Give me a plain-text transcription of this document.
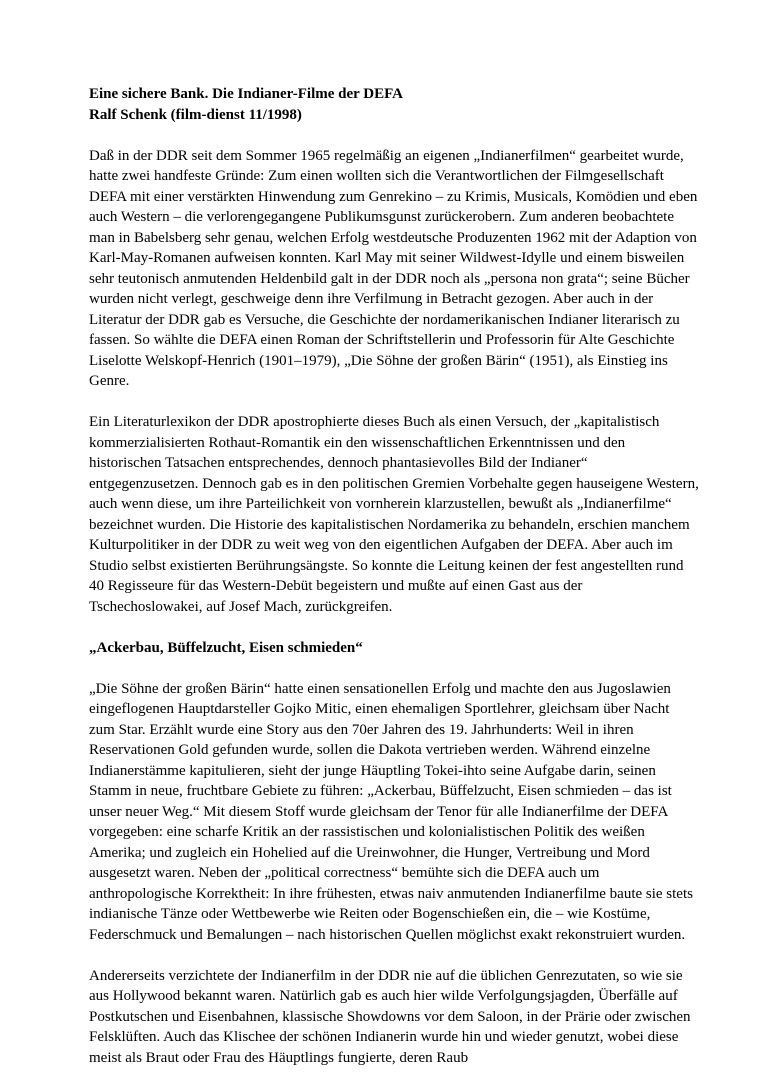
Eine sichere Bank. Die Indianer-Filme der DEFA
Ralf Schenk (film-dienst 11/1998)

Daß in der DDR seit dem Sommer 1965 regelmäßig an eigenen „Indianerfilmen“ gearbeitet wurde, hatte zwei handfeste Gründe: Zum einen wollten sich die Verantwortlichen der Filmgesellschaft DEFA mit einer verstärkten Hinwendung zum Genrekino – zu Krimis, Musicals, Komödien und eben auch Western – die verlorengegangene Publikumsgunst zurückerobern. Zum anderen beobachtete man in Babelsberg sehr genau, welchen Erfolg westdeutsche Produzenten 1962 mit der Adaption von Karl-May-Romanen aufweisen konnten. Karl May mit seiner Wildwest-Idylle und einem bisweilen sehr teutonisch anmutenden Heldenbild galt in der DDR noch als „persona non grata“; seine Bücher wurden nicht verlegt, geschweige denn ihre Verfilmung in Betracht gezogen. Aber auch in der Literatur der DDR gab es Versuche, die Geschichte der nordamerikanischen Indianer literarisch zu fassen. So wählte die DEFA einen Roman der Schriftstellerin und Professorin für Alte Geschichte Liselotte Welskopf-Henrich (1901–1979), „Die Söhne der großen Bärin“ (1951), als Einstieg ins Genre.

Ein Literaturlexikon der DDR apostrophierte dieses Buch als einen Versuch, der „kapitalistisch kommerzialisierten Rothaut-Romantik ein den wissenschaftlichen Erkenntnissen und den historischen Tatsachen entsprechendes, dennoch phantasievolles Bild der Indianer“ entgegenzusetzen. Dennoch gab es in den politischen Gremien Vorbehalte gegen hauseigene Western, auch wenn diese, um ihre Parteilichkeit von vornherein klarzustellen, bewußt als „Indianerfilme“ bezeichnet wurden. Die Historie des kapitalistischen Nordamerika zu behandeln, erschien manchem Kulturpolitiker in der DDR zu weit weg von den eigentlichen Aufgaben der DEFA. Aber auch im Studio selbst existierten Berührungsängste. So konnte die Leitung keinen der fest angestellten rund 40 Regisseure für das Western-Debüt begeistern und mußte auf einen Gast aus der Tschechoslowakei, auf Josef Mach, zurückgreifen.

„Ackerbau, Büffelzucht, Eisen schmieden“

„Die Söhne der großen Bärin“ hatte einen sensationellen Erfolg und machte den aus Jugoslawien eingeflogenen Hauptdarsteller Gojko Mitic, einen ehemaligen Sportlehrer, gleichsam über Nacht zum Star. Erzählt wurde eine Story aus den 70er Jahren des 19. Jahrhunderts: Weil in ihren Reservationen Gold gefunden wurde, sollen die Dakota vertrieben werden. Während einzelne Indianerstämme kapitulieren, sieht der junge Häuptling Tokei-ihto seine Aufgabe darin, seinen Stamm in neue, fruchtbare Gebiete zu führen: „Ackerbau, Büffelzucht, Eisen schmieden – das ist unser neuer Weg.“ Mit diesem Stoff wurde gleichsam der Tenor für alle Indianerfilme der DEFA vorgegeben: eine scharfe Kritik an der rassistischen und kolonialistischen Politik des weißen Amerika; und zugleich ein Hohelied auf die Ureinwohner, die Hunger, Vertreibung und Mord ausgesetzt waren. Neben der „political correctness“ bemühte sich die DEFA auch um anthropologische Korrektheit: In ihre frühesten, etwas naiv anmutenden Indianerfilme baute sie stets indianische Tänze oder Wettbewerbe wie Reiten oder Bogenschießen ein, die – wie Kostüme, Federschmuck und Bemalungen – nach historischen Quellen möglichst exakt rekonstruiert wurden.

Andererseits verzichtete der Indianerfilm in der DDR nie auf die üblichen Genrezutaten, so wie sie aus Hollywood bekannt waren. Natürlich gab es auch hier wilde Verfolgungsjagden, Überfälle auf Postkutschen und Eisenbahnen, klassische Showdowns vor dem Saloon, in der Prärie oder zwischen Felsklüften. Auch das Klischee der schönen Indianerin wurde hin und wieder genutzt, wobei diese meist als Braut oder Frau des Häuptlings fungierte, deren Raub
